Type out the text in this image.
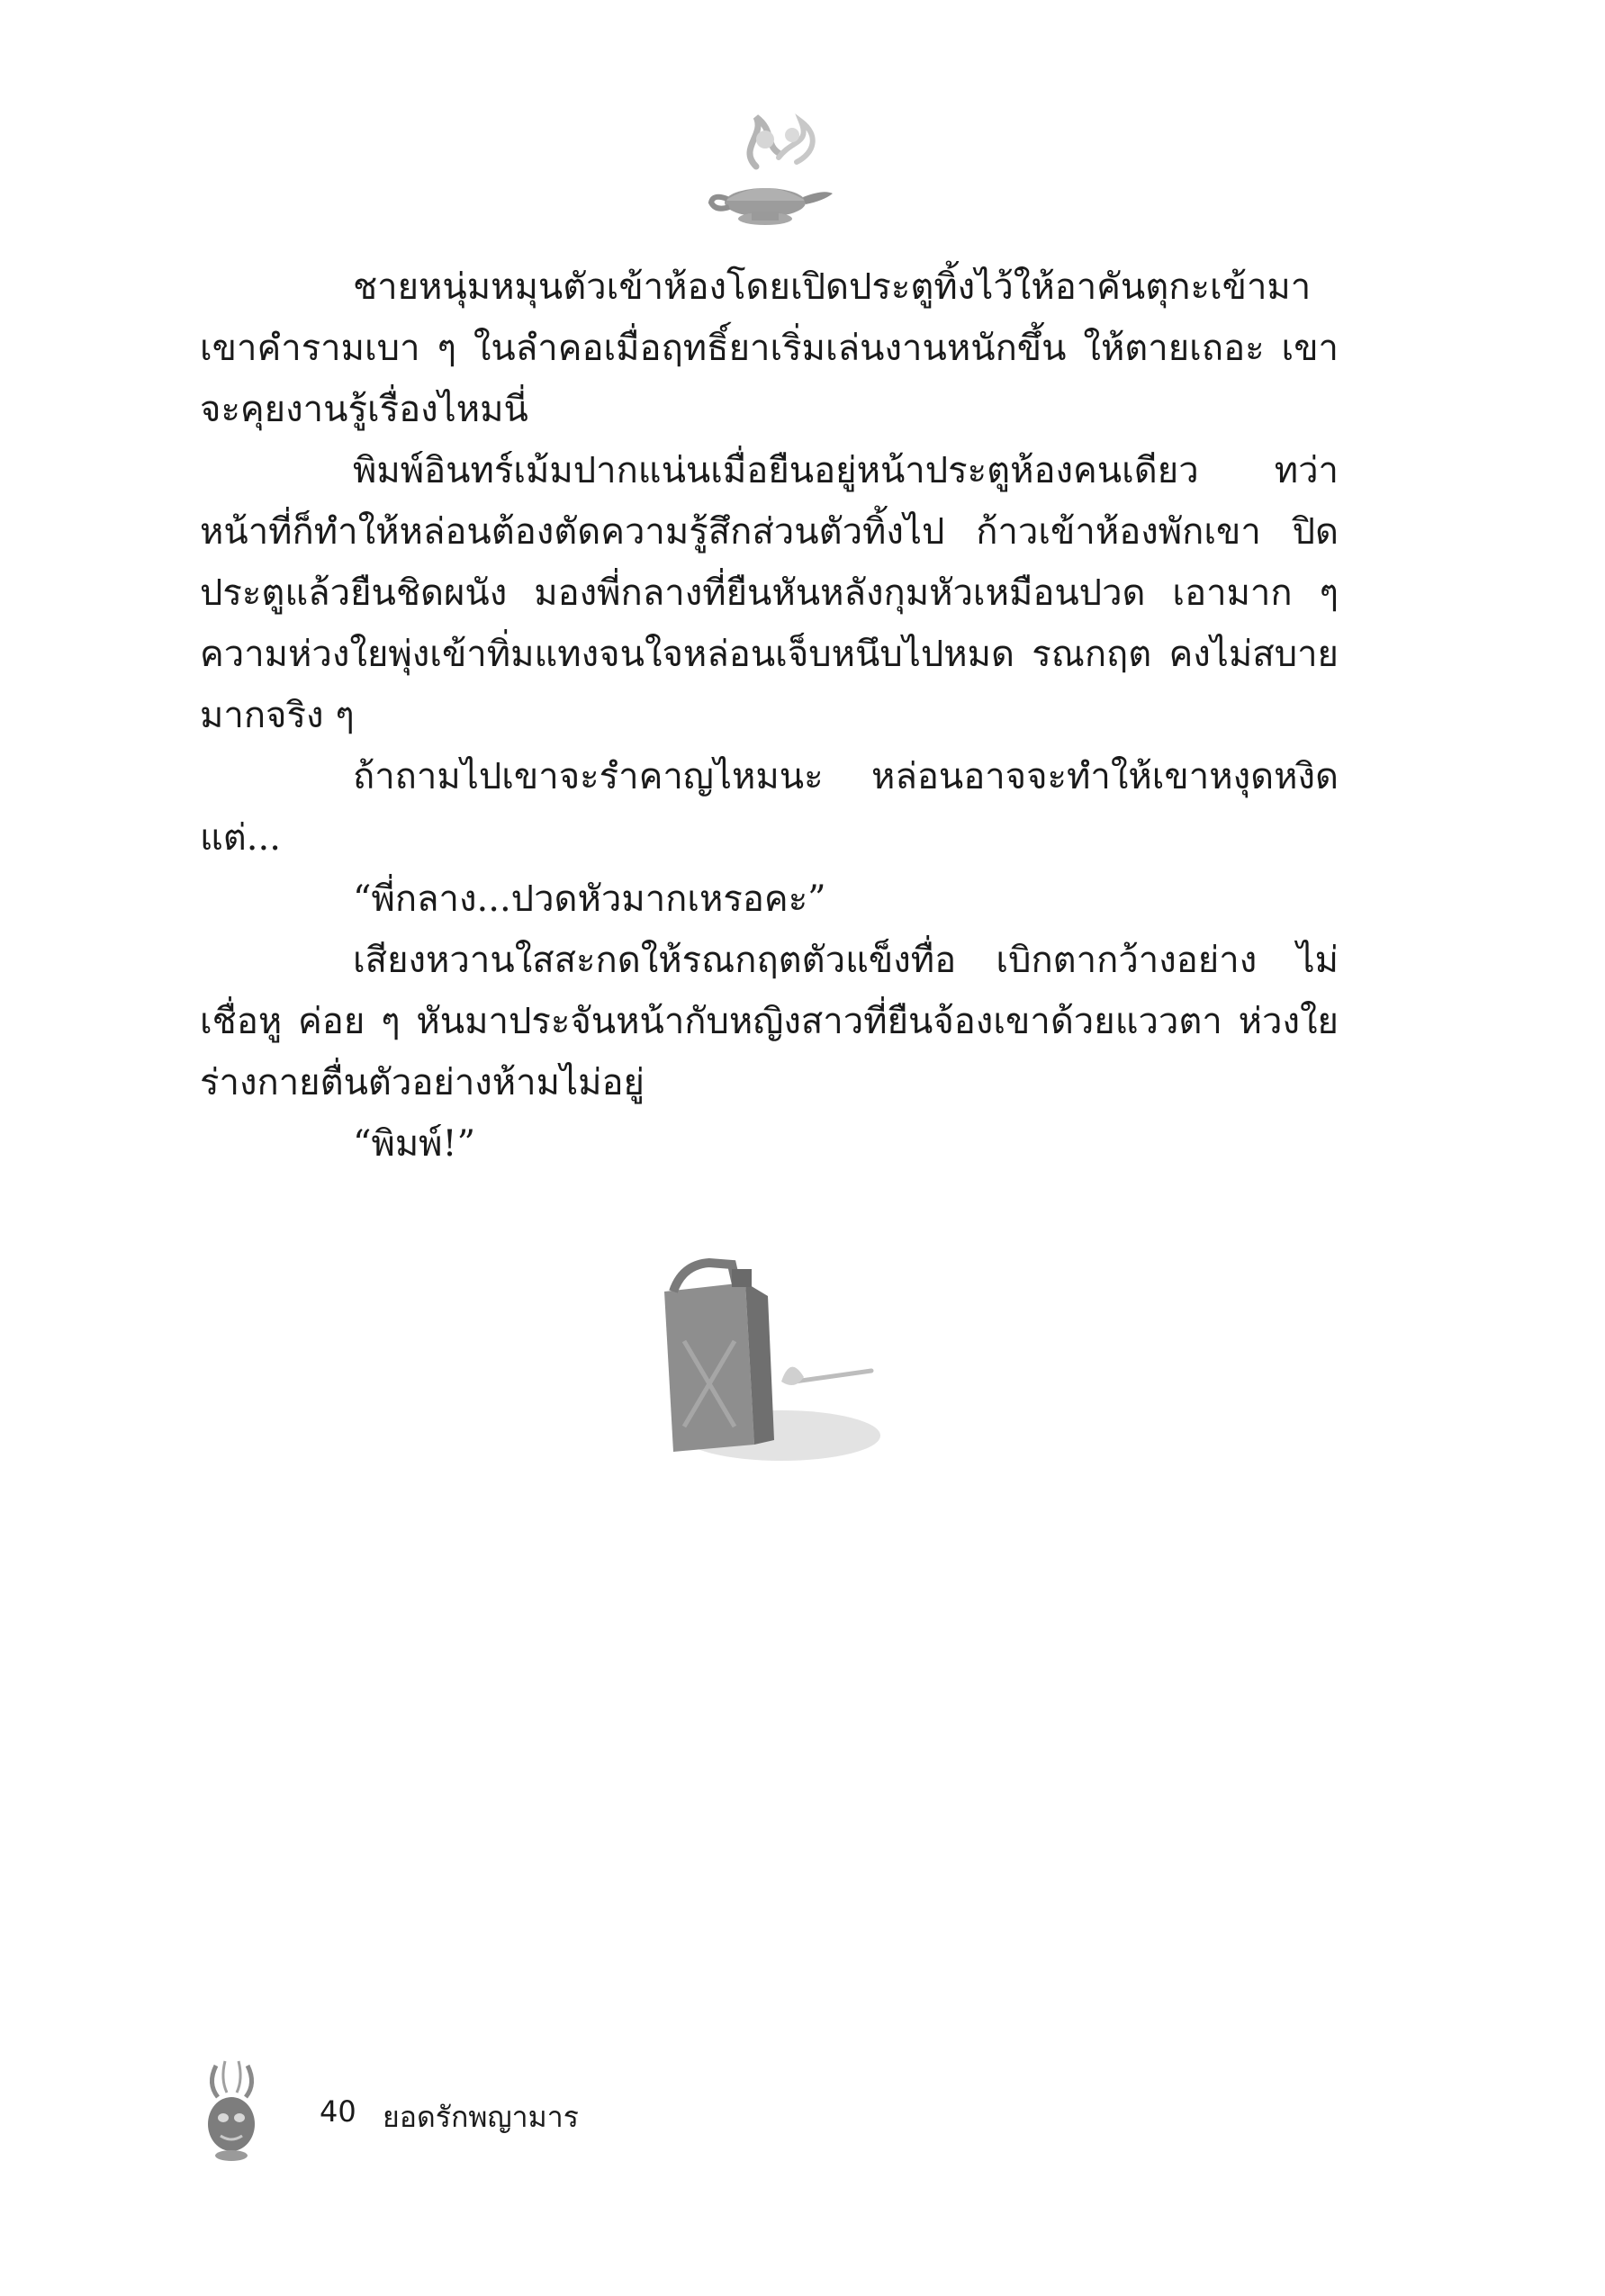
ชายหนุ่มหมุนตัวเข้าห้องโดยเปิดประตูทิ้งไว้ให้อาคันตุกะเข้ามา เขาคำรามเบา ๆ ในลำคอเมื่อฤทธิ์ยาเริ่มเล่นงานหนักขึ้น ให้ตายเถอะ เขาจะคุยงานรู้เรื่องไหมนี่

พิมพ์อินทร์เม้มปากแน่นเมื่อยืนอยู่หน้าประตูห้องคนเดียว ทว่า หน้าที่ก็ทำให้หล่อนต้องตัดความรู้สึกส่วนตัวทิ้งไป ก้าวเข้าห้องพักเขา ปิดประตูแล้วยืนชิดผนัง มองพี่กลางที่ยืนหันหลังกุมหัวเหมือนปวด เอามาก ๆ ความห่วงใยพุ่งเข้าทิ่มแทงจนใจหล่อนเจ็บหนึบไปหมด รณกฤต คงไม่สบายมากจริง ๆ

ถ้าถามไปเขาจะรำคาญไหมนะ หล่อนอาจจะทำให้เขาหงุดหงิด แต่...

“พี่กลาง...ปวดหัวมากเหรอคะ”

เสียงหวานใสสะกดให้รณกฤตตัวแข็งทื่อ เบิกตากว้างอย่าง ไม่เชื่อหู ค่อย ๆ หันมาประจันหน้ากับหญิงสาวที่ยืนจ้องเขาด้วยแววตา ห่วงใย ร่างกายตื่นตัวอย่างห้ามไม่อยู่

“พิมพ์!”

40 ยอดรักพญามาร
